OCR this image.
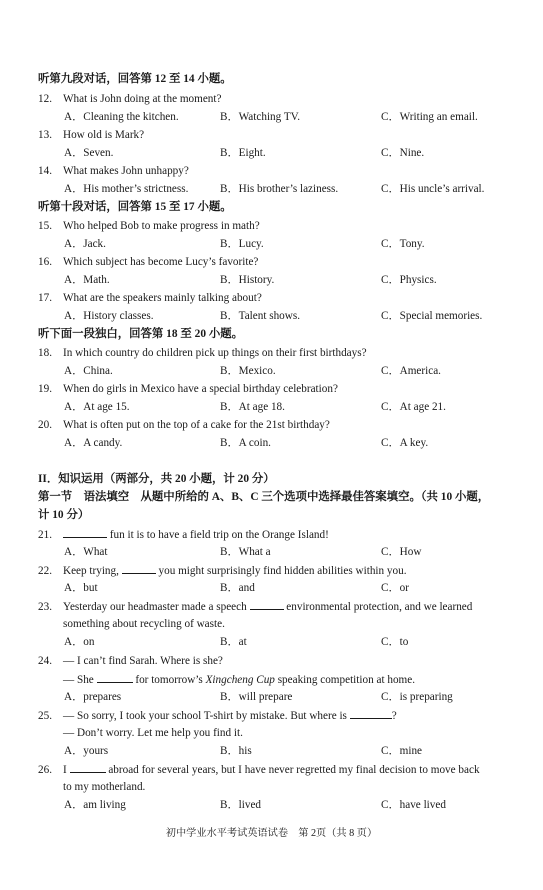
听第九段对话，回答第 12 至 14 小题。
12. What is John doing at the moment?
A．Cleaning the kitchen.	B．Watching TV.	C．Writing an email.
13. How old is Mark?
A．Seven.	B．Eight.	C．Nine.
14. What makes John unhappy?
A．His mother’s strictness.	B．His brother’s laziness.	C．His uncle’s arrival.
听第十段对话，回答第 15 至 17 小题。
15. Who helped Bob to make progress in math?
A．Jack.	B．Lucy.	C．Tony.
16. Which subject has become Lucy’s favorite?
A．Math.	B．History.	C．Physics.
17. What are the speakers mainly talking about?
A．History classes.	B．Talent shows.	C．Special memories.
听下面一段独白，回答第 18 至 20 小题。
18. In which country do children pick up things on their first birthdays?
A．China.	B．Mexico.	C．America.
19. When do girls in Mexico have a special birthday celebration?
A．At age 15.	B．At age 18.	C．At age 21.
20. What is often put on the top of a cake for the 21st birthday?
A．A candy.	B．A coin.	C．A key.
II．知识运用（两部分，共 20 小题，计 20 分）
第一节　语法填空　从题中所给的 A、B、C 三个选项中选择最佳答案填空。（共 10 小题，
计 10 分）
21.	fun it is to have a field trip on the Orange Island!
A．What	B．What a	C．How
22. Keep trying,	you might surprisingly find hidden abilities within you.
A．but	B．and	C．or
23. Yesterday our headmaster made a speech	environmental protection, and we learned
something about recycling of waste.
A．on	B．at	C．to
24. — I can’t find Sarah. Where is she?
— She	for tomorrow’s Xingcheng Cup speaking competition at home.
A．prepares	B．will prepare	C．is preparing
25. — So sorry, I took your school T-shirt by mistake. But where is	?
— Don’t worry. Let me help you find it.
A．yours	B．his	C．mine
26. I	abroad for several years, but I have never regretted my final decision to move back
to my motherland.
A．am living	B．lived	C．have lived
初中学业水平考试英语试卷　第 2页（共 8 页）
